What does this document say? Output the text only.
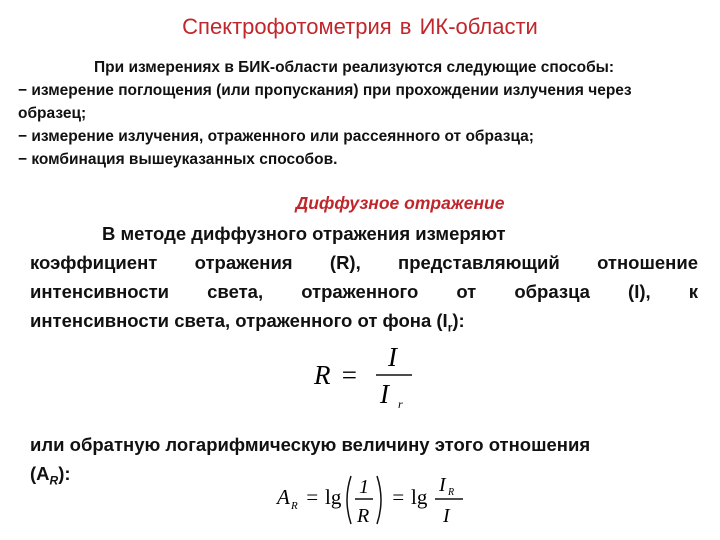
Спектрофотометрия в ИК-области
При измерениях в БИК-области реализуются следующие способы:
− измерение поглощения (или пропускания) при прохождении излучения через образец;
− измерение излучения, отраженного или рассеянного от образца;
− комбинация вышеуказанных способов.
Диффузное отражение
В методе диффузного отражения измеряют
коэффициент отражения (R), представляющий отношение
интенсивности света, отраженного от образца (I), к
интенсивности света, отраженного от фона $(I_r)$:
R =
I
I r
или обратную логарифмическую величину этого отношения
$(A_R)$:
A R = lg 1
R
= lg I R
I
